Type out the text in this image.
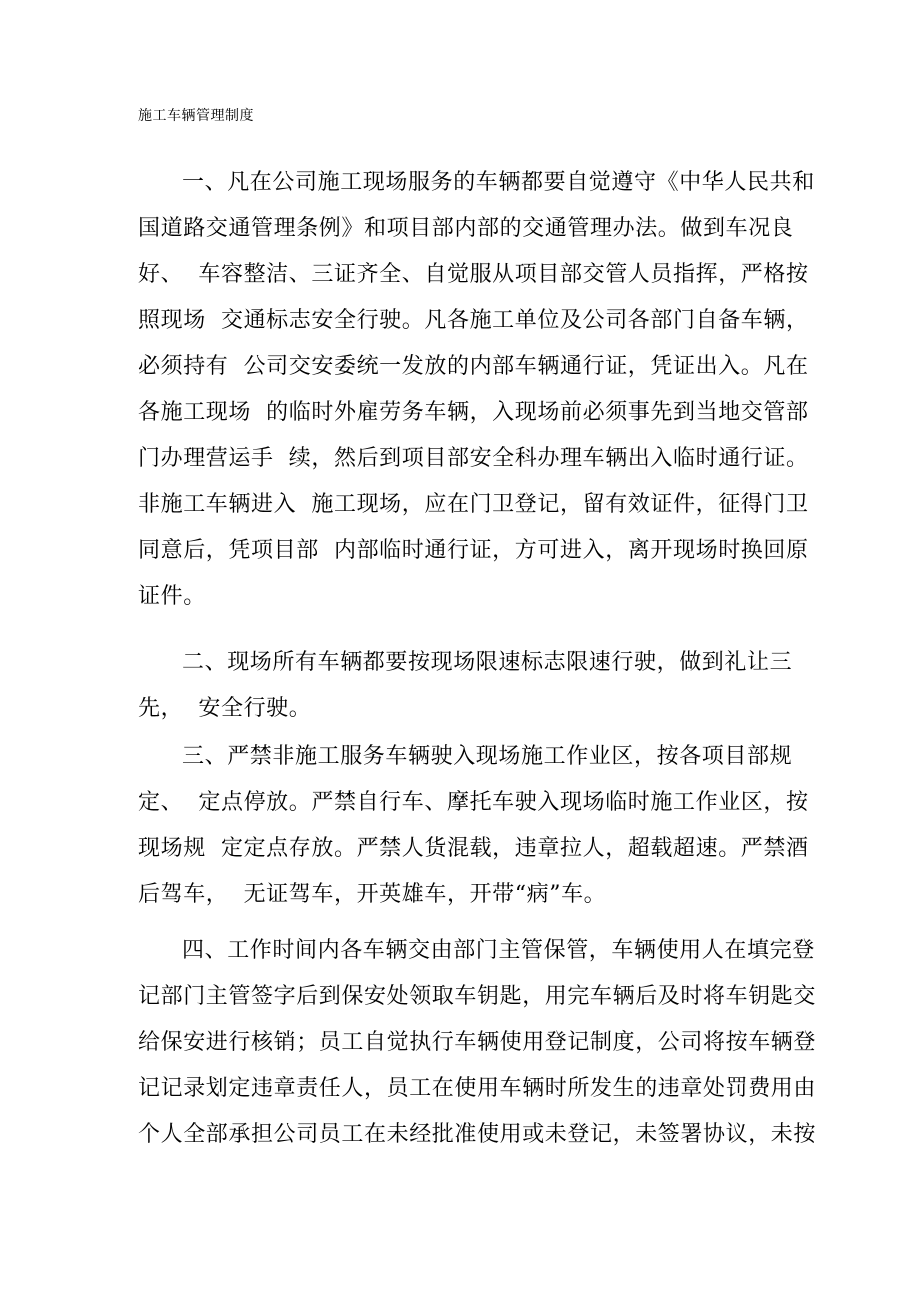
施工车辆管理制度
一、凡在公司施工现场服务的车辆都要自觉遵守《中华人民共和
国道路交通管理条例》和项目部内部的交通管理办法。做到车况良
好、  车容整洁、三证齐全、自觉服从项目部交管人员指挥，严格按
照现场  交通标志安全行驶。凡各施工单位及公司各部门自备车辆，
必须持有  公司交安委统一发放的内部车辆通行证，凭证出入。凡在
各施工现场  的临时外雇劳务车辆，入现场前必须事先到当地交管部
门办理营运手  续，然后到项目部安全科办理车辆出入临时通行证。
非施工车辆进入  施工现场，应在门卫登记，留有效证件，征得门卫
同意后，凭项目部  内部临时通行证，方可进入，离开现场时换回原
证件。
二、现场所有车辆都要按现场限速标志限速行驶，做到礼让三
先，  安全行驶。
三、严禁非施工服务车辆驶入现场施工作业区，按各项目部规
定、  定点停放。严禁自行车、摩托车驶入现场临时施工作业区，按
现场规  定定点存放。严禁人货混载，违章拉人，超载超速。严禁酒
后驾车，  无证驾车，开英雄车，开带“病”车。
四、工作时间内各车辆交由部门主管保管，车辆使用人在填完登
记部门主管签字后到保安处领取车钥匙，用完车辆后及时将车钥匙交
给保安进行核销；员工自觉执行车辆使用登记制度，公司将按车辆登
记记录划定违章责任人，员工在使用车辆时所发生的违章处罚费用由
个人全部承担公司员工在未经批准使用或未登记，未签署协议，未按
